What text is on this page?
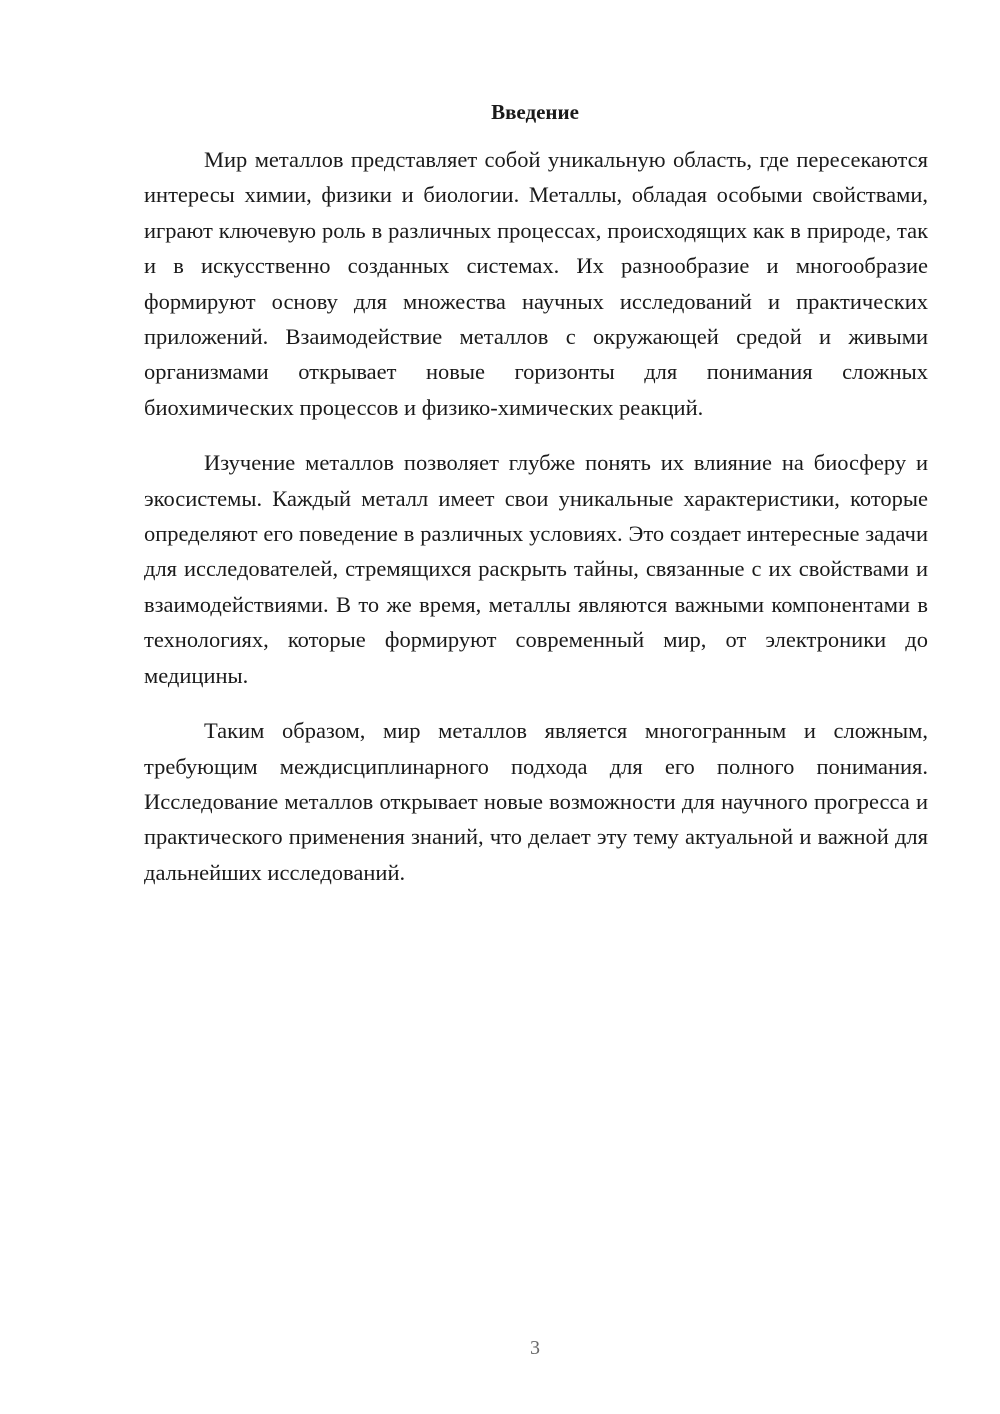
Введение

Мир металлов представляет собой уникальную область, где пересекаются интересы химии, физики и биологии. Металлы, обладая особыми свойствами, играют ключевую роль в различных процессах, происходящих как в природе, так и в искусственно созданных системах. Их разнообразие и многообразие формируют основу для множества научных исследований и практических приложений. Взаимодействие металлов с окружающей средой и живыми организмами открывает новые горизонты для понимания сложных биохимических процессов и физико-химических реакций.

Изучение металлов позволяет глубже понять их влияние на биосферу и экосистемы. Каждый металл имеет свои уникальные характеристики, которые определяют его поведение в различных условиях. Это создает интересные задачи для исследователей, стремящихся раскрыть тайны, связанные с их свойствами и взаимодействиями. В то же время, металлы являются важными компонентами в технологиях, которые формируют современный мир, от электроники до медицины.

Таким образом, мир металлов является многогранным и сложным, требующим междисциплинарного подхода для его полного понимания. Исследование металлов открывает новые возможности для научного прогресса и практического применения знаний, что делает эту тему актуальной и важной для дальнейших исследований.

3
